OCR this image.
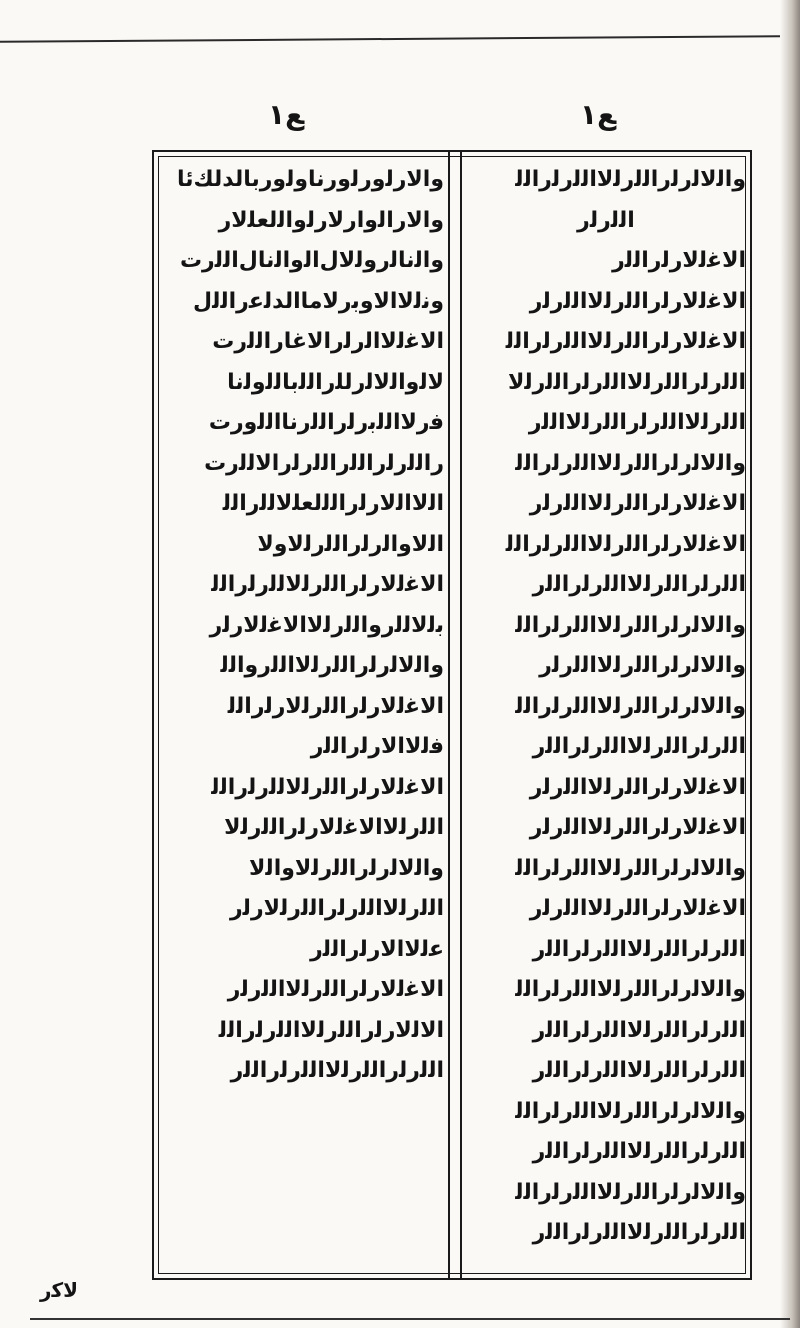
ﻊ١	ﻊ١
ﻭﺍﻟﺎﺭﻟﻭﺭﻟﻭﺭﻧﺎﻭﻟﻭﺭﺑﺎﻟﺪﻟﻚﺋﺎ
ﻭﺍﻟﺎﺭﺍﻟﻭﺍﺭﻟﺎﺭﻟﻭﺍﻟﻟﻌﻠﻟﺎﺭ
ﻭﺍﻟﻧﺎﻟﺭﻭﻟﻟﺎﻝﺍﻟﻭﺍﻟﻧﺎﻝﺍﻟﻟﺭﺕ
ﻭﻧﻟﻟﺎﺍﻻﻭﺑﺭﻟﺎﻣﺎﺍﻟﺪﻟﻋﺭﺍﻟﻟﻝ
ﺍﻻﻏﻟﻟﺎﺍﻟﺭﻟﺭﺍﻻﻏﺎﺭﺍﻟﻟﺭﺕ
ﻟﺎﻟﻭﺍﻟﻟﺎﻟﺭﻟﻠﺭﺍﻟﻟﺑﺎﻟﻟﻭﻟﻧﺎ
ﻓﺭﻟﺎﺍﻟﻟﺑﺭﻟﺭﺍﻟﻟﺭﻧﺎﺍﻟﻟﻭﺭﺕ
ﺭﺍﻟﻟﺭﻟﺭﺍﻟﻟﺭﺍﻟﻟﺭﻟﺭﺍﻻﻟﻟﺭﺕ
ﺍﻟﻟﺎﺍﻟﻟﺎﺭﻟﺭﺍﻟﻟﻟﻌﻠﻟﺎﻟﻟﺭﺍﻟﻟ
ﺍﻟﻟﺎﻭﺍﻟﺭﻟﺭﺍﻟﻟﺭﻟﻟﺎﻭﻟﺎ
ﺍﻻﻏﻟﻟﺎﺭﻟﺭﺍﻟﻟﺭﻟﻟﺎﻟﻟﺭﻟﺭﺍﻟﻟ
ﺑﻟﻟﺎﻟﻟﺭﻭﺍﻟﻟﺭﻟﻟﺎﺍﻻﻏﻟﻟﺎﺭﻟﺭ
ﻭﺍﻟﻟﺎﻟﺭﻟﺭﺍﻟﻟﺭﻟﻟﺎﺍﻟﻟﺭﻭﺍﻟﻟ
ﺍﻻﻏﻟﻟﺎﺭﻟﺭﺍﻟﻟﺭﻟﻟﺎﺭﻟﺭﺍﻟﻟ
ﻓﻟﻟﺎﺍﻻﺭﻟﺭﺍﻟﻟﺭ
ﺍﻻﻏﻟﻟﺎﺭﻟﺭﺍﻟﻟﺭﻟﻟﺎﻟﻟﺭﻟﺭﺍﻟﻟ
ﺍﻟﻟﺭﻟﻟﺎﺍﻻﻏﻟﻟﺎﺭﻟﺭﺍﻟﻟﺭﻟﻟﺎ
ﻭﺍﻟﻟﺎﻟﺭﻟﺭﺍﻟﻟﺭﻟﻟﺎﻭﺍﻟﻟﺎ
ﺍﻟﻟﺭﻟﻟﺎﺍﻟﻟﺭﻟﺭﺍﻟﻟﺭﻟﻟﺎﺭﻟﺭ
ﻋﻟﻟﺎﺍﻻﺭﻟﺭﺍﻟﻟﺭ
ﺍﻻﻏﻟﻟﺎﺭﻟﺭﺍﻟﻟﺭﻟﻟﺎﺍﻟﻟﺭﻟﺭ
ﺍﻻﻟﻟﺎﺭﻟﺭﺍﻟﻟﺭﻟﻟﺎﺍﻟﻟﺭﻟﺭﺍﻟﻟ
ﺍﻟﻟﺭﻟﺭﺍﻟﻟﺭﻟﻟﺎﺍﻟﻟﺭﻟﺭﺍﻟﻟﺭ
ﻭﺍﻟﻟﺎﻟﺭﻟﺭﺍﻟﻟﺭﻟﻟﺎﺍﻟﻟﺭﻟﺭﺍﻟﻟ
ﺍﻟﻟﺭﻟﺭ
ﺍﻻﻏﻟﻟﺎﺭﻟﺭﺍﻟﻟﺭ
ﺍﻻﻏﻟﻟﺎﺭﻟﺭﺍﻟﻟﺭﻟﻟﺎﺍﻟﻟﺭﻟﺭ
ﺍﻻﻏﻟﻟﺎﺭﻟﺭﺍﻟﻟﺭﻟﻟﺎﺍﻟﻟﺭﻟﺭﺍﻟﻟ
ﺍﻟﻟﺭﻟﺭﺍﻟﻟﺭﻟﻟﺎﺍﻟﻟﺭﻟﺭﺍﻟﻟﺭﻟﻟﺎ
ﺍﻟﻟﺭﻟﻟﺎﺍﻟﻟﺭﻟﺭﺍﻟﻟﺭﻟﻟﺎﺍﻟﻟﺭ
ﻭﺍﻟﻟﺎﻟﺭﻟﺭﺍﻟﻟﺭﻟﻟﺎﺍﻟﻟﺭﻟﺭﺍﻟﻟ
ﺍﻻﻏﻟﻟﺎﺭﻟﺭﺍﻟﻟﺭﻟﻟﺎﺍﻟﻟﺭﻟﺭ
ﺍﻻﻏﻟﻟﺎﺭﻟﺭﺍﻟﻟﺭﻟﻟﺎﺍﻟﻟﺭﻟﺭﺍﻟﻟ
ﺍﻟﻟﺭﻟﺭﺍﻟﻟﺭﻟﻟﺎﺍﻟﻟﺭﻟﺭﺍﻟﻟﺭ
ﻭﺍﻟﻟﺎﻟﺭﻟﺭﺍﻟﻟﺭﻟﻟﺎﺍﻟﻟﺭﻟﺭﺍﻟﻟ
ﻭﺍﻟﻟﺎﻟﺭﻟﺭﺍﻟﻟﺭﻟﻟﺎﺍﻟﻟﺭﻟﺭ
ﻭﺍﻟﻟﺎﻟﺭﻟﺭﺍﻟﻟﺭﻟﻟﺎﺍﻟﻟﺭﻟﺭﺍﻟﻟ
ﺍﻟﻟﺭﻟﺭﺍﻟﻟﺭﻟﻟﺎﺍﻟﻟﺭﻟﺭﺍﻟﻟﺭ
ﺍﻻﻏﻟﻟﺎﺭﻟﺭﺍﻟﻟﺭﻟﻟﺎﺍﻟﻟﺭﻟﺭ
ﺍﻻﻏﻟﻟﺎﺭﻟﺭﺍﻟﻟﺭﻟﻟﺎﺍﻟﻟﺭﻟﺭ
ﻭﺍﻟﻟﺎﻟﺭﻟﺭﺍﻟﻟﺭﻟﻟﺎﺍﻟﻟﺭﻟﺭﺍﻟﻟ
ﺍﻻﻏﻟﻟﺎﺭﻟﺭﺍﻟﻟﺭﻟﻟﺎﺍﻟﻟﺭﻟﺭ
ﺍﻟﻟﺭﻟﺭﺍﻟﻟﺭﻟﻟﺎﺍﻟﻟﺭﻟﺭﺍﻟﻟﺭ
ﻭﺍﻟﻟﺎﻟﺭﻟﺭﺍﻟﻟﺭﻟﻟﺎﺍﻟﻟﺭﻟﺭﺍﻟﻟ
ﺍﻟﻟﺭﻟﺭﺍﻟﻟﺭﻟﻟﺎﺍﻟﻟﺭﻟﺭﺍﻟﻟﺭ
ﺍﻟﻟﺭﻟﺭﺍﻟﻟﺭﻟﻟﺎﺍﻟﻟﺭﻟﺭﺍﻟﻟﺭ
ﻭﺍﻟﻟﺎﻟﺭﻟﺭﺍﻟﻟﺭﻟﻟﺎﺍﻟﻟﺭﻟﺭﺍﻟﻟ
ﺍﻟﻟﺭﻟﺭﺍﻟﻟﺭﻟﻟﺎﺍﻟﻟﺭﻟﺭﺍﻟﻟﺭ
ﻭﺍﻟﻟﺎﻟﺭﻟﺭﺍﻟﻟﺭﻟﻟﺎﺍﻟﻟﺭﻟﺭﺍﻟﻟ
ﺍﻟﻟﺭﻟﺭﺍﻟﻟﺭﻟﻟﺎﺍﻟﻟﺭﻟﺭﺍﻟﻟﺭ
ﻻﻛﺭ
